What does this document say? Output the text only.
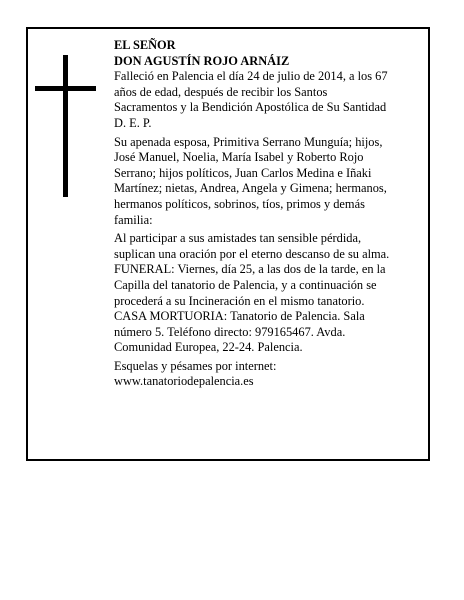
EL SEÑOR
DON AGUSTÍN ROJO ARNÁIZ
Falleció en Palencia el día 24 de julio de 2014, a los 67
años de edad, después de recibir los Santos
Sacramentos y la Bendición Apostólica de Su Santidad
D. E. P.
Su apenada esposa, Primitiva Serrano Munguía; hijos,
José Manuel, Noelia, María Isabel y Roberto Rojo
Serrano; hijos políticos, Juan Carlos Medina e Iñaki
Martínez; nietas, Andrea, Angela y Gimena; hermanos,
hermanos políticos, sobrinos, tíos, primos y demás
familia:
Al participar a sus amistades tan sensible pérdida,
suplican una oración por el eterno descanso de su alma.
FUNERAL: Viernes, día 25, a las dos de la tarde, en la
Capilla del tanatorio de Palencia, y a continuación se
procederá a su Incineración en el mismo tanatorio.
CASA MORTUORIA: Tanatorio de Palencia. Sala
número 5. Teléfono directo: 979165467. Avda.
Comunidad Europea, 22-24. Palencia.
Esquelas y pésames por internet:
www.tanatoriodepalencia.es
